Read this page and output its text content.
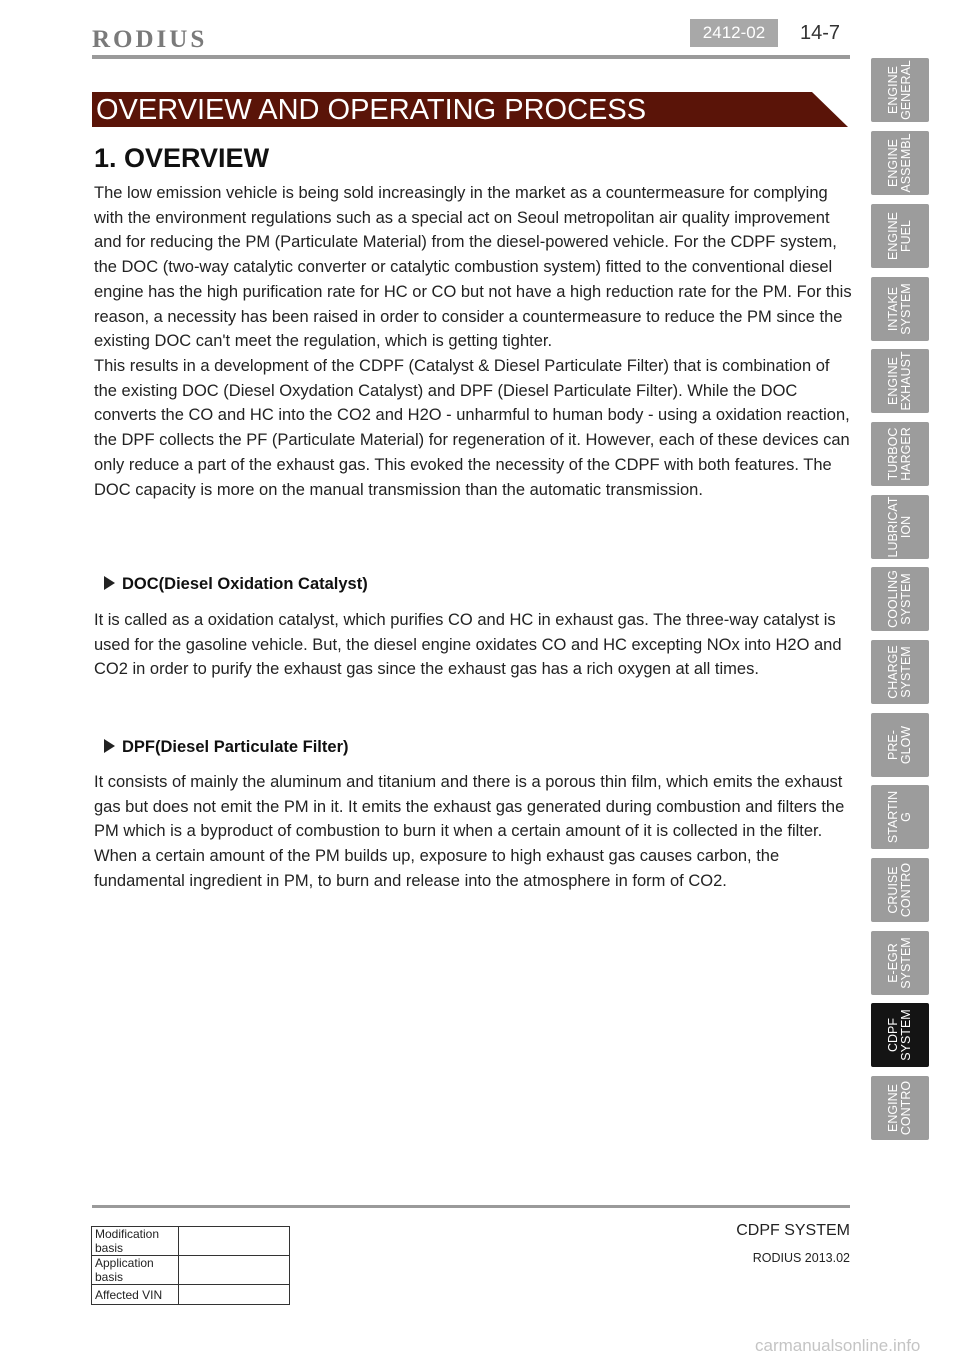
RODIUS	2412-02	14-7
OVERVIEW AND OPERATING PROCESS
1. OVERVIEW

The low emission vehicle is being sold increasingly in the market as a countermeasure for complying with the environment regulations such as a special act on Seoul metropolitan air quality improvement and for reducing the PM (Particulate Material) from the diesel-powered vehicle. For the CDPF system, the DOC (two-way catalytic converter or catalytic combustion system) fitted to the conventional diesel engine has the high purification rate for HC or CO but not have a high reduction rate for the PM. For this reason, a necessity has been raised in order to consider a countermeasure to reduce the PM since the existing DOC can't meet the regulation, which is getting tighter.

This results in a development of the CDPF (Catalyst & Diesel Particulate Filter) that is combination of the existing DOC (Diesel Oxydation Catalyst) and DPF (Diesel Particulate Filter). While the DOC converts the CO and HC into the CO2 and H2O - unharmful to human body - using a oxidation reaction, the DPF collects the PF (Particulate Material) for regeneration of it. However, each of these devices can only reduce a part of the exhaust gas. This evoked the necessity of the CDPF with both features. The DOC capacity is more on the manual transmission than the automatic transmission.

DOC(Diesel Oxidation Catalyst)

It is called as a oxidation catalyst, which purifies CO and HC in exhaust gas. The three-way catalyst is used for the gasoline vehicle. But, the diesel engine oxidates CO and HC excepting NOx into H2O and CO2 in order to purify the exhaust gas since the exhaust gas has a rich oxygen at all times.

DPF(Diesel Particulate Filter)

It consists of mainly the aluminum and titanium and there is a porous thin film, which emits the exhaust gas but does not emit the PM in it. It emits the exhaust gas generated during combustion and filters the PM which is a byproduct of combustion to burn it when a certain amount of it is collected in the filter. When a certain amount of the PM builds up, exposure to high exhaust gas causes carbon, the fundamental ingredient in PM, to burn and release into the atmosphere in form of CO2.

ENGINE
GENERAL
ENGINE
ASSEMBL
ENGINE
FUEL
INTAKE
SYSTEM
ENGINE
EXHAUST
TURBOC
HARGER
LUBRICAT
ION
COOLING
SYSTEM
CHARGE
SYSTEM
PRE-
GLOW
STARTIN
G
CRUISE
CONTRO
E-EGR
SYSTEM
CDPF
SYSTEM
ENGINE
CONTRO
Modification basis	
Application basis	
Affected VIN	
CDPF SYSTEM
RODIUS 2013.02
carmanualsonline.info
